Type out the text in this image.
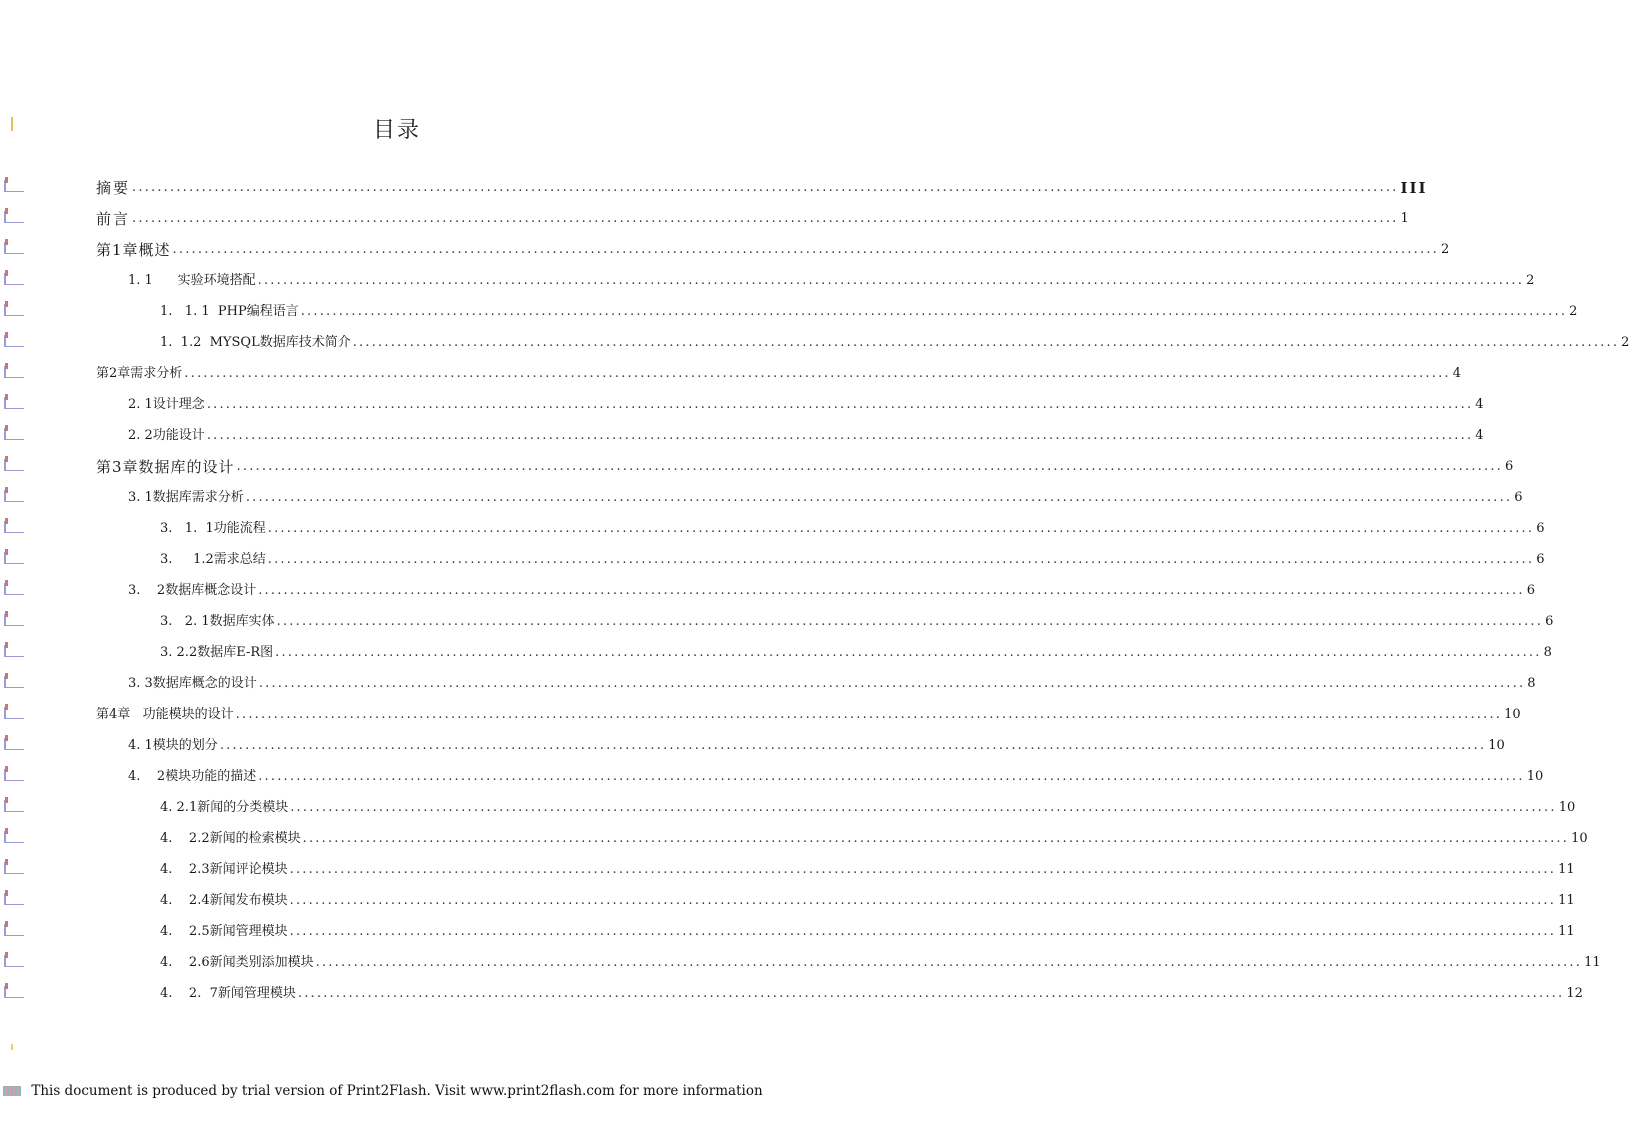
目录
摘要 ........................................................................................................................................................................................................ III
前言 ........................................................................................................................................................................................................ 1
第1章概述 ........................................................................................................................................................................................................ 2
1. 1      实验环境搭配 ........................................................................................................................................................................................................ 2
1.   1. 1  PHP编程语言 ........................................................................................................................................................................................................ 2
1.  1.2  MYSQL数据库技术简介 ........................................................................................................................................................................................................ 2
第2章需求分析 ........................................................................................................................................................................................................ 4
2. 1设计理念 ........................................................................................................................................................................................................ 4
2. 2功能设计 ........................................................................................................................................................................................................ 4
第3章数据库的设计 ........................................................................................................................................................................................................ 6
3. 1数据库需求分析 ........................................................................................................................................................................................................ 6
3.   1.  1功能流程 ........................................................................................................................................................................................................ 6
3.     1.2需求总结 ........................................................................................................................................................................................................ 6
3.    2数据库概念设计 ........................................................................................................................................................................................................ 6
3.   2. 1数据库实体 ........................................................................................................................................................................................................ 6
3. 2.2数据库E-R图 ........................................................................................................................................................................................................ 8
3. 3数据库概念的设计 ........................................................................................................................................................................................................ 8
第4章   功能模块的设计 ........................................................................................................................................................................................................ 10
4. 1模块的划分 ........................................................................................................................................................................................................ 10
4.    2模块功能的描述 ........................................................................................................................................................................................................ 10
4. 2.1新闻的分类模块 ........................................................................................................................................................................................................ 10
4.    2.2新闻的检索模块 ........................................................................................................................................................................................................ 10
4.    2.3新闻评论模块 ........................................................................................................................................................................................................ 11
4.    2.4新闻发布模块 ........................................................................................................................................................................................................ 11
4.    2.5新闻管理模块 ........................................................................................................................................................................................................ 11
4.    2.6新闻类别添加模块 ........................................................................................................................................................................................................ 11
4.    2.  7新闻管理模块 ........................................................................................................................................................................................................ 12
This document is produced by trial version of Print2Flash. Visit www.print2flash.com for more information
